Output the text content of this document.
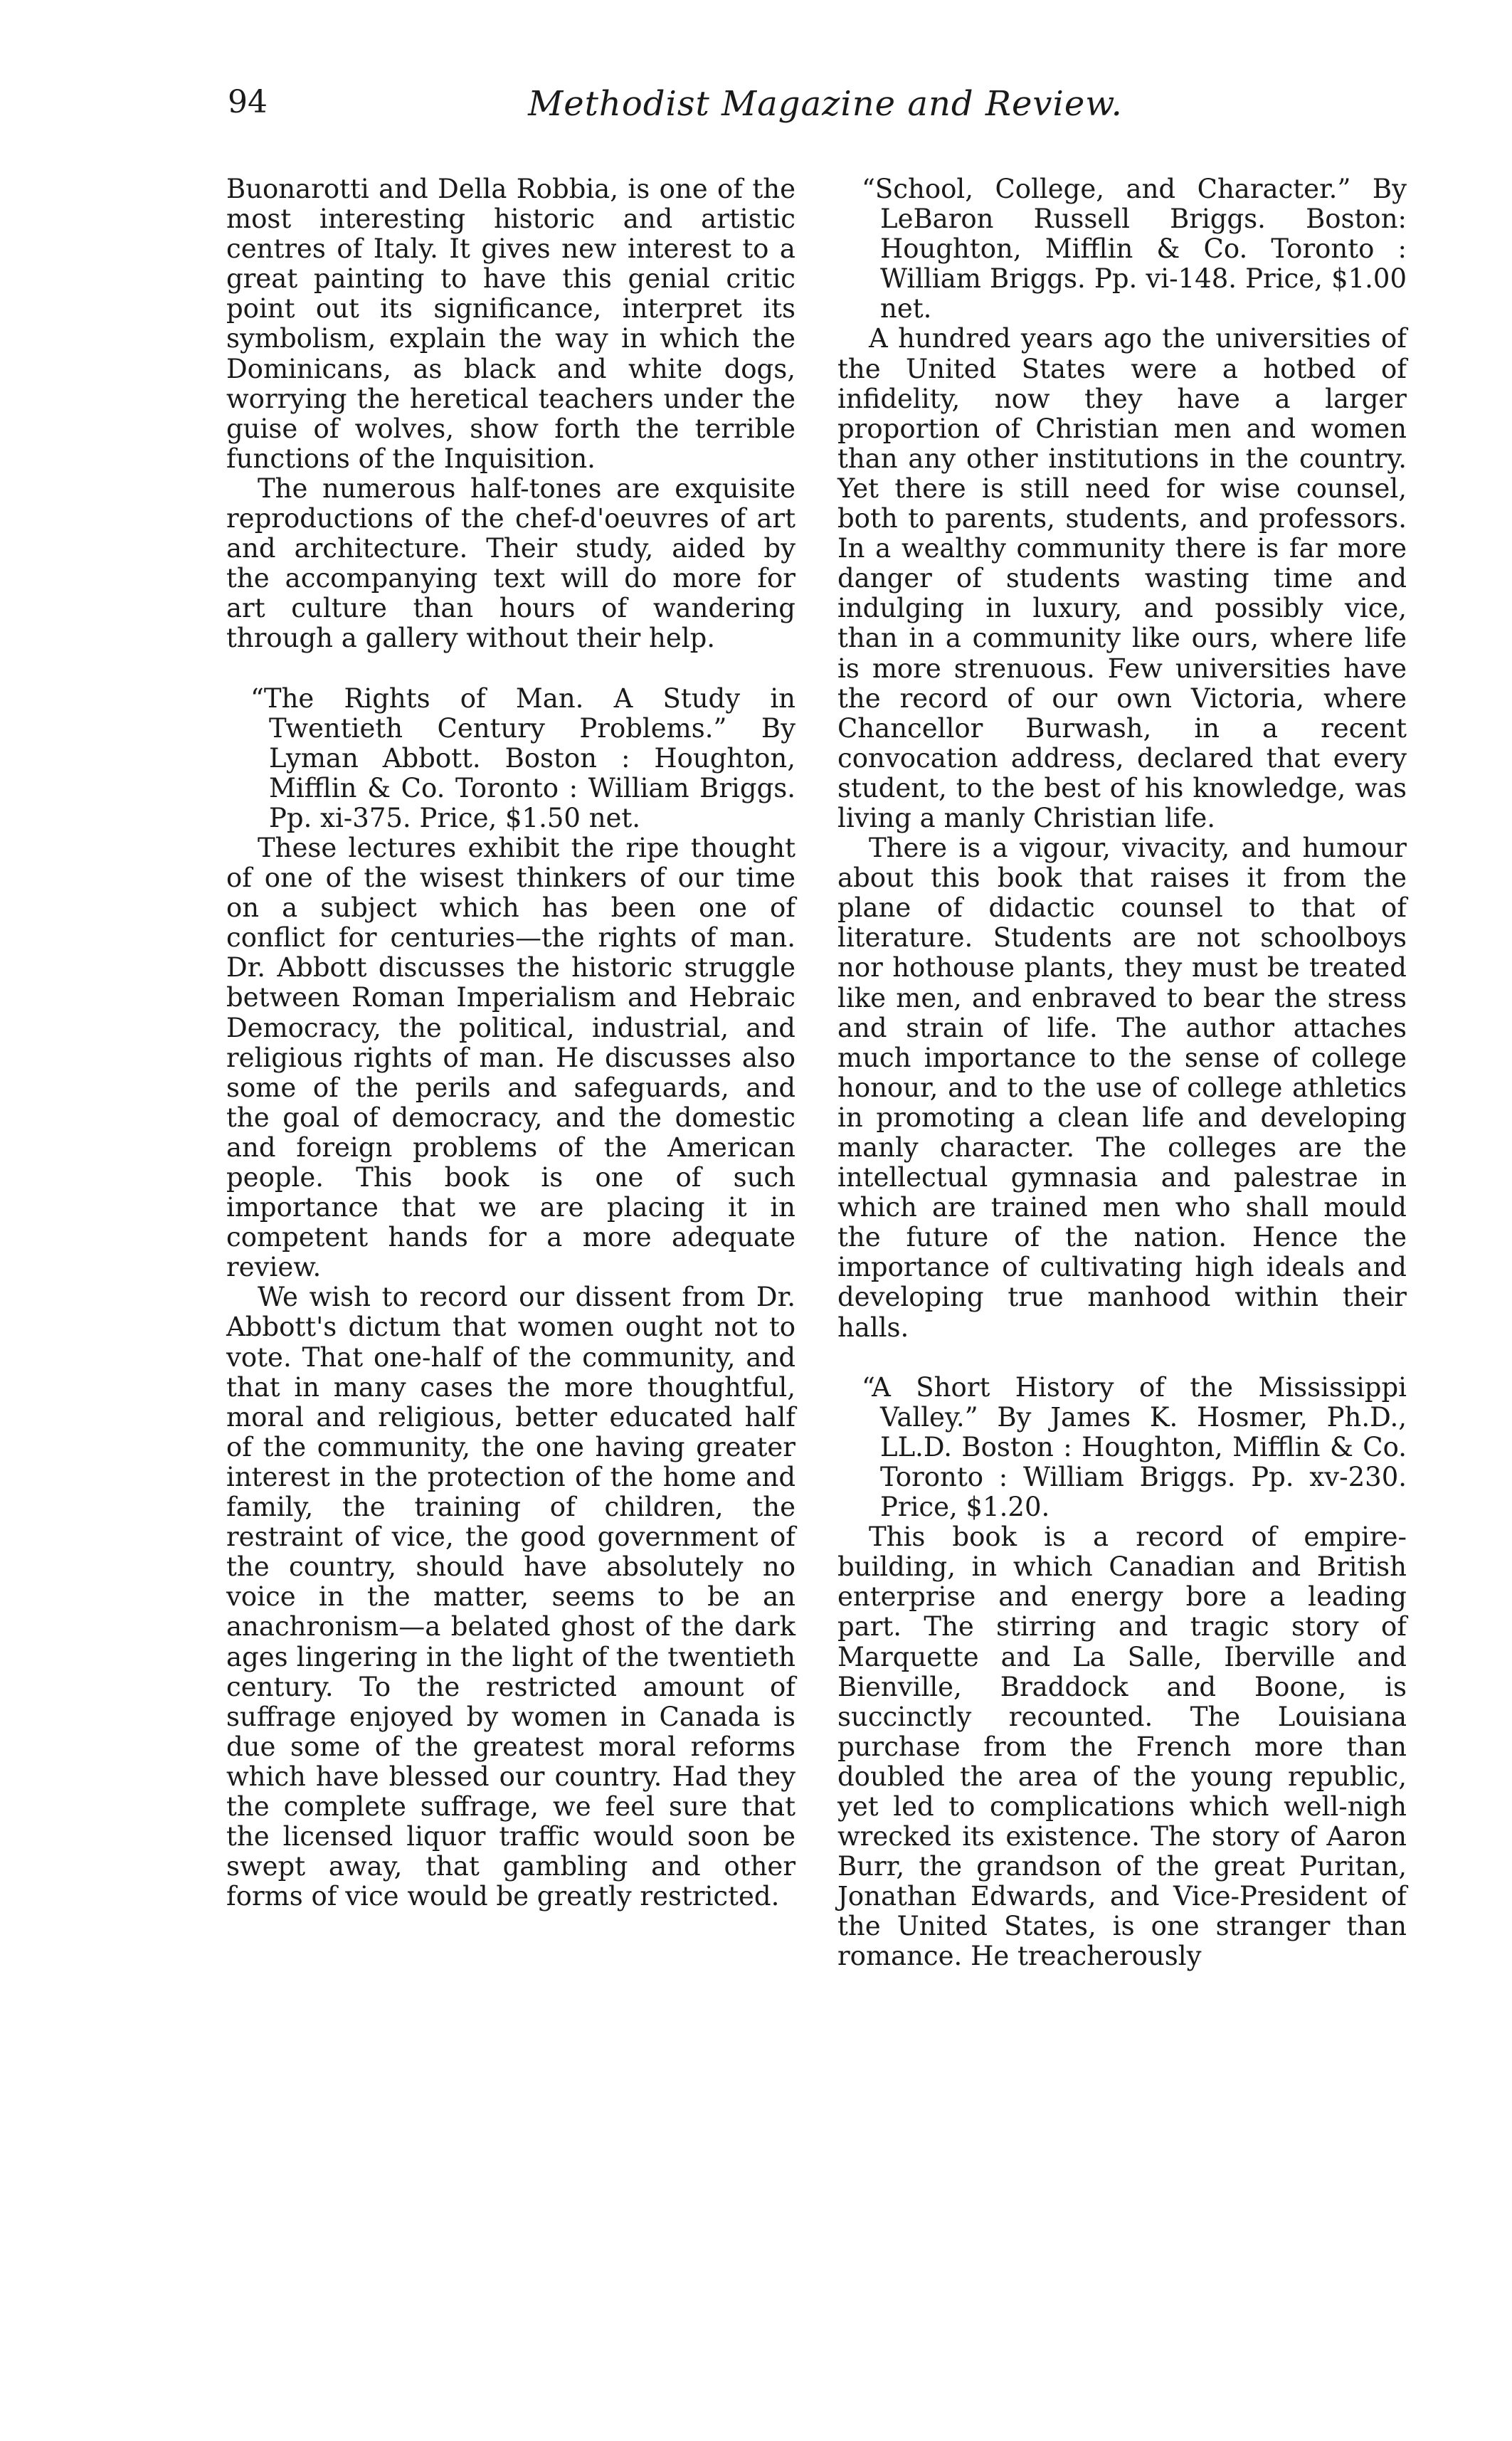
94	Methodist Magazine and Review.

Buonarotti and Della Robbia, is one of the most interesting historic and artistic centres of Italy. It gives new interest to a great painting to have this genial critic point out its significance, interpret its symbolism, explain the way in which the Dominicans, as black and white dogs, worrying the heretical teachers under the guise of wolves, show forth the terrible functions of the Inquisition.

The numerous half-tones are exquisite reproductions of the chef-d'oeuvres of art and architecture. Their study, aided by the accompanying text will do more for art culture than hours of wandering through a gallery without their help.

“The Rights of Man. A Study in Twentieth Century Problems.” By Lyman Abbott. Boston : Houghton, Mifflin & Co. Toronto : William Briggs. Pp. xi-375. Price, $1.50 net.

These lectures exhibit the ripe thought of one of the wisest thinkers of our time on a subject which has been one of conflict for centuries—the rights of man. Dr. Abbott discusses the historic struggle between Roman Imperialism and Hebraic Democracy, the political, industrial, and religious rights of man. He discusses also some of the perils and safeguards, and the goal of democracy, and the domestic and foreign problems of the American people. This book is one of such importance that we are placing it in competent hands for a more adequate review.

We wish to record our dissent from Dr. Abbott's dictum that women ought not to vote. That one-half of the community, and that in many cases the more thoughtful, moral and religious, better educated half of the community, the one having greater interest in the protection of the home and family, the training of children, the restraint of vice, the good government of the country, should have absolutely no voice in the matter, seems to be an anachronism—a belated ghost of the dark ages lingering in the light of the twentieth century. To the restricted amount of suffrage enjoyed by women in Canada is due some of the greatest moral reforms which have blessed our country. Had they the complete suffrage, we feel sure that the licensed liquor traffic would soon be swept away, that gambling and other forms of vice would be greatly restricted.

“School, College, and Character.” By LeBaron Russell Briggs. Boston: Houghton, Mifflin & Co. Toronto : William Briggs. Pp. vi-148. Price, $1.00 net.

A hundred years ago the universities of the United States were a hotbed of infidelity, now they have a larger proportion of Christian men and women than any other institutions in the country. Yet there is still need for wise counsel, both to parents, students, and professors. In a wealthy community there is far more danger of students wasting time and indulging in luxury, and possibly vice, than in a community like ours, where life is more strenuous. Few universities have the record of our own Victoria, where Chancellor Burwash, in a recent convocation address, declared that every student, to the best of his knowledge, was living a manly Christian life.

There is a vigour, vivacity, and humour about this book that raises it from the plane of didactic counsel to that of literature. Students are not schoolboys nor hothouse plants, they must be treated like men, and enbraved to bear the stress and strain of life. The author attaches much importance to the sense of college honour, and to the use of college athletics in promoting a clean life and developing manly character. The colleges are the intellectual gymnasia and palestrae in which are trained men who shall mould the future of the nation. Hence the importance of cultivating high ideals and developing true manhood within their halls.

“A Short History of the Mississippi Valley.” By James K. Hosmer, Ph.D., LL.D. Boston : Houghton, Mifflin & Co. Toronto : William Briggs. Pp. xv-230. Price, $1.20.

This book is a record of empire-building, in which Canadian and British enterprise and energy bore a leading part. The stirring and tragic story of Marquette and La Salle, Iberville and Bienville, Braddock and Boone, is succinctly recounted. The Louisiana purchase from the French more than doubled the area of the young republic, yet led to complications which well-nigh wrecked its existence. The story of Aaron Burr, the grandson of the great Puritan, Jonathan Edwards, and Vice-President of the United States, is one stranger than romance. He treacherously
